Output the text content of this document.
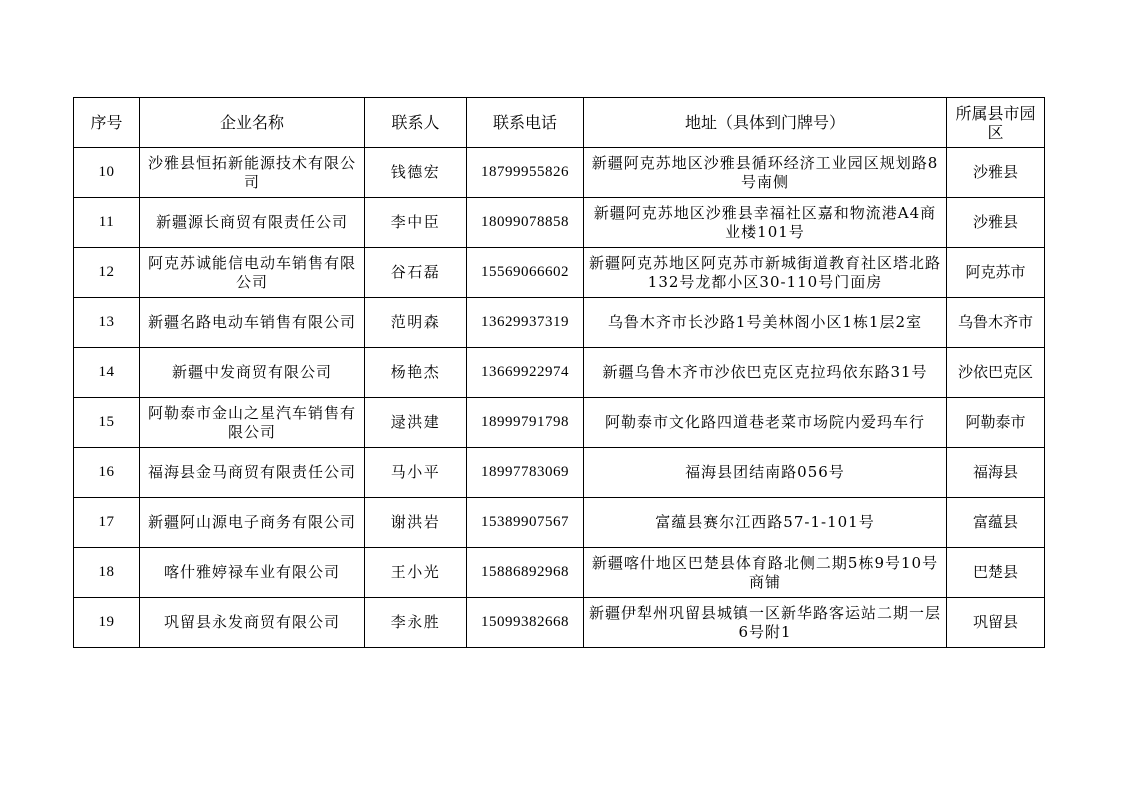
序号	企业名称	联系人	联系电话	地址（具体到门牌号）	所属县市园区
10	沙雅县恒拓新能源技术有限公司	钱德宏	18799955826	新疆阿克苏地区沙雅县循环经济工业园区规划路8号南侧	沙雅县
11	新疆源长商贸有限责任公司	李中臣	18099078858	新疆阿克苏地区沙雅县幸福社区嘉和物流港A4商业楼101号	沙雅县
12	阿克苏诚能信电动车销售有限公司	谷石磊	15569066602	新疆阿克苏地区阿克苏市新城街道教育社区塔北路132号龙都小区30-110号门面房	阿克苏市
13	新疆名路电动车销售有限公司	范明森	13629937319	乌鲁木齐市长沙路1号美林阁小区1栋1层2室	乌鲁木齐市
14	新疆中发商贸有限公司	杨艳杰	13669922974	新疆乌鲁木齐市沙依巴克区克拉玛依东路31号	沙依巴克区
15	阿勒泰市金山之星汽车销售有限公司	逯洪建	18999791798	阿勒泰市文化路四道巷老菜市场院内爱玛车行	阿勒泰市
16	福海县金马商贸有限责任公司	马小平	18997783069	福海县团结南路056号	福海县
17	新疆阿山源电子商务有限公司	谢洪岩	15389907567	富蕴县赛尔江西路57-1-101号	富蕴县
18	喀什雅婷禄车业有限公司	王小光	15886892968	新疆喀什地区巴楚县体育路北侧二期5栋9号10号商铺	巴楚县
19	巩留县永发商贸有限公司	李永胜	15099382668	新疆伊犁州巩留县城镇一区新华路客运站二期一层6号附1	巩留县
